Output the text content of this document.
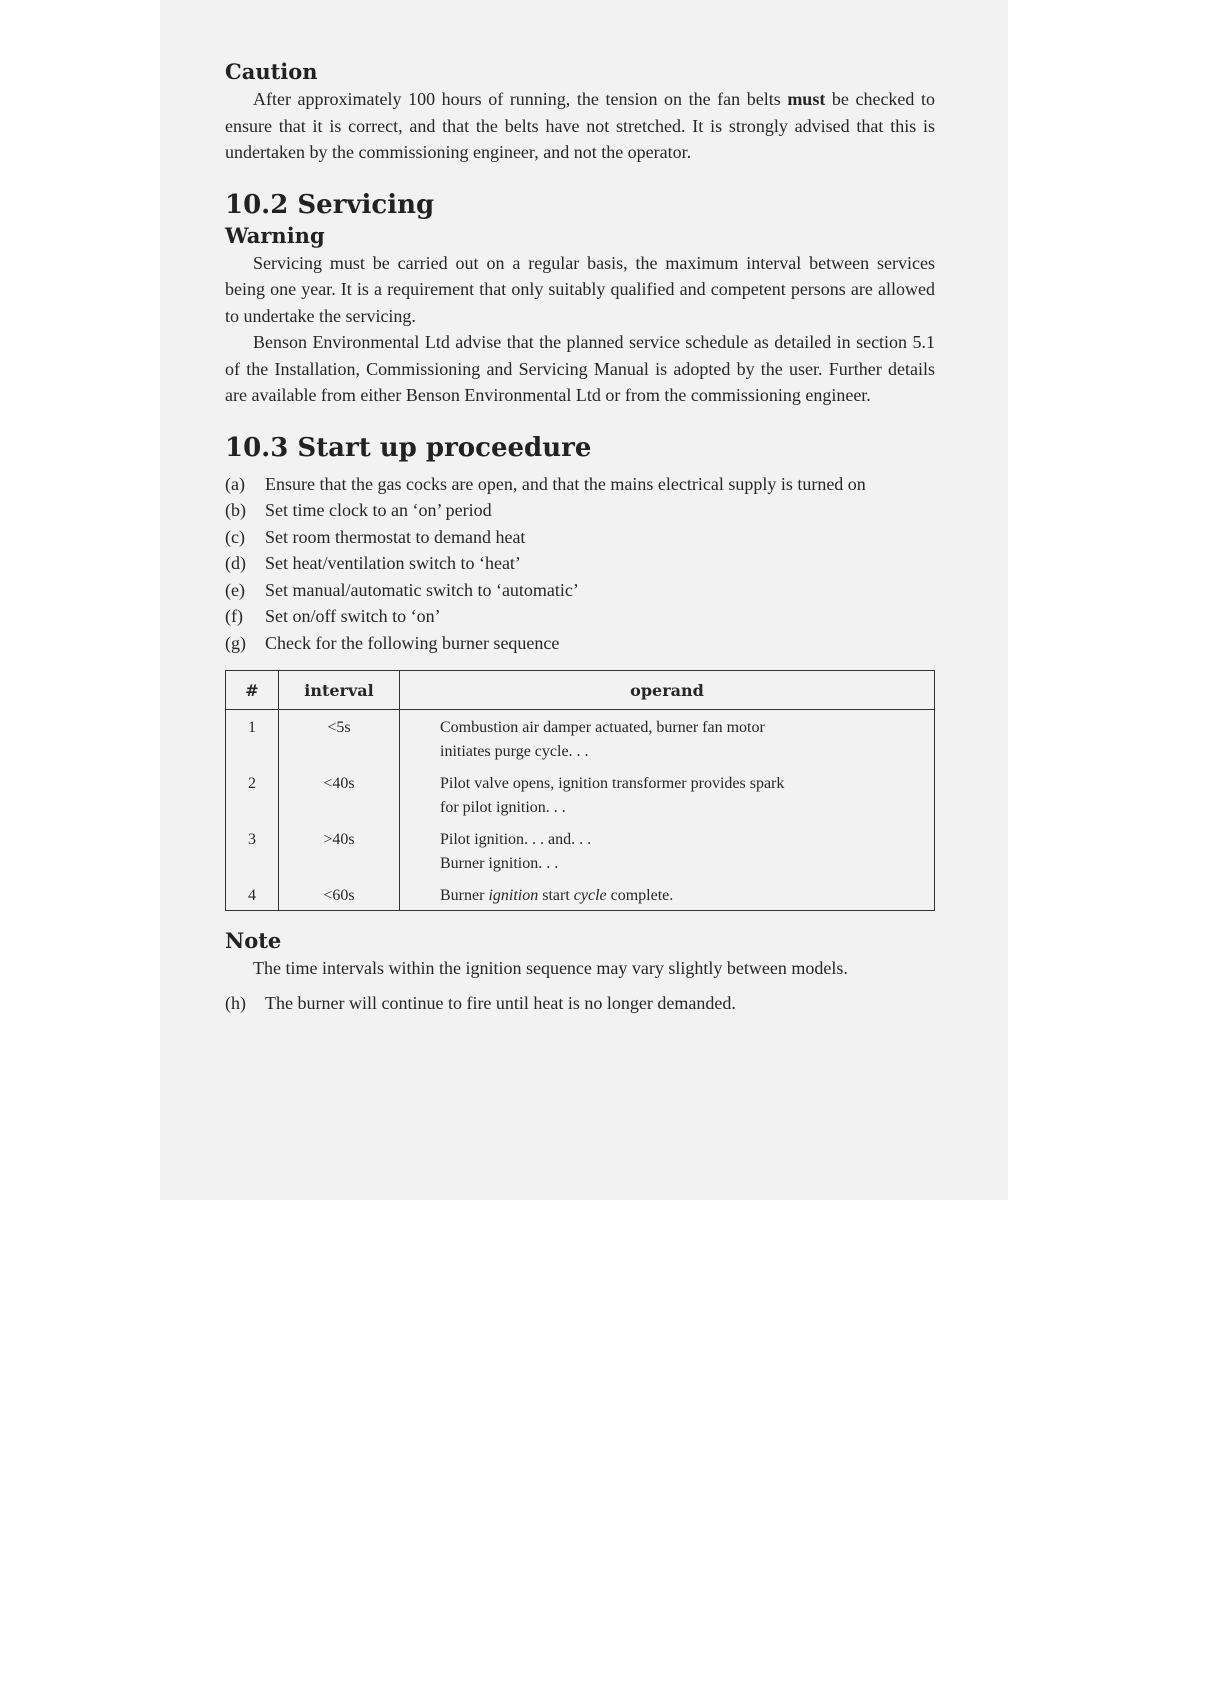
Caution

After approximately 100 hours of running, the tension on the fan belts must be checked to ensure that it is correct, and that the belts have not stretched. It is strongly advised that this is undertaken by the commissioning engineer, and not the operator.

10.2 Servicing
Warning

Servicing must be carried out on a regular basis, the maximum interval between services being one year. It is a requirement that only suitably qualified and competent persons are allowed to undertake the servicing.

Benson Environmental Ltd advise that the planned service schedule as detailed in section 5.1 of the Installation, Commissioning and Servicing Manual is adopted by the user. Further details are available from either Benson Environmental Ltd or from the commissioning engineer.

10.3 Start up proceedure
(a)	Ensure that the gas cocks are open, and that the mains electrical supply is turned on
(b)	Set time clock to an ‘on’ period
(c)	Set room thermostat to demand heat
(d)	Set heat/ventilation switch to ‘heat’
(e)	Set manual/automatic switch to ‘automatic’
(f)	Set on/off switch to ‘on’
(g)	Check for the following burner sequence
#	interval	operand
1	<5s	Combustion air damper actuated, burner fan motor
initiates purge cycle. . .
2	<40s	Pilot valve opens, ignition transformer provides spark
for pilot ignition. . .
3	>40s	Pilot ignition. . . and. . .
Burner ignition. . .
4	<60s	Burner ignition start cycle complete.
Note

The time intervals within the ignition sequence may vary slightly between models.

(h)	The burner will continue to fire until heat is no longer demanded.
